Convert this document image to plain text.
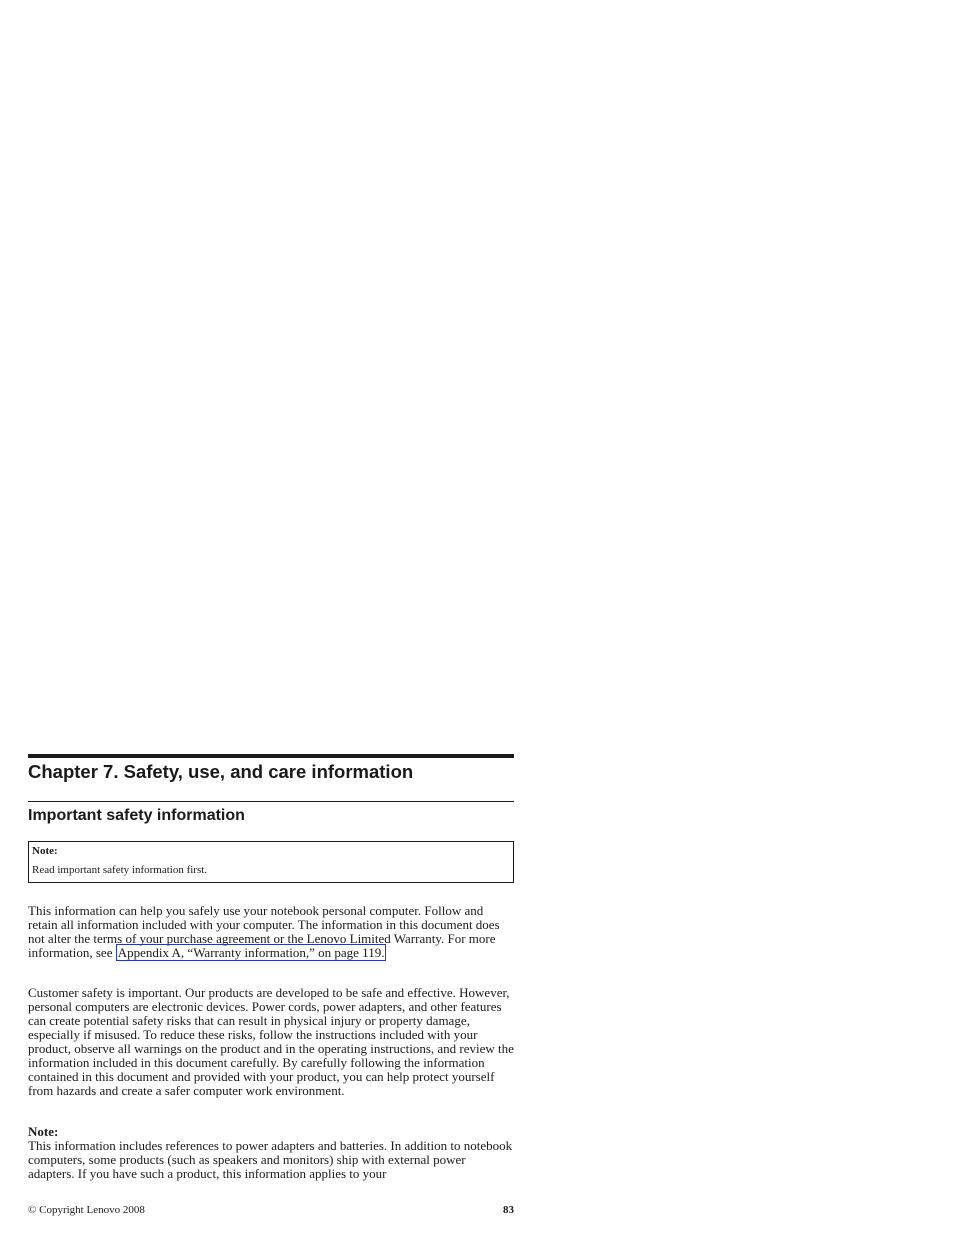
Chapter 7. Safety, use, and care information
Important safety information
Note:
Read important safety information first.

This information can help you safely use your notebook personal computer. Follow and retain all information included with your computer. The information in this document does not alter the terms of your purchase agreement or the Lenovo Limited Warranty. For more information, see Appendix A, “Warranty information,” on page 119.

Customer safety is important. Our products are developed to be safe and effective. However, personal computers are electronic devices. Power cords, power adapters, and other features can create potential safety risks that can result in physical injury or property damage, especially if misused. To reduce these risks, follow the instructions included with your product, observe all warnings on the product and in the operating instructions, and review the information included in this document carefully. By carefully following the information contained in this document and provided with your product, you can help protect yourself from hazards and create a safer computer work environment.

Note:

This information includes references to power adapters and batteries. In addition to notebook computers, some products (such as speakers and monitors) ship with external power adapters. If you have such a product, this information applies to your

© Copyright Lenovo 2008	83
